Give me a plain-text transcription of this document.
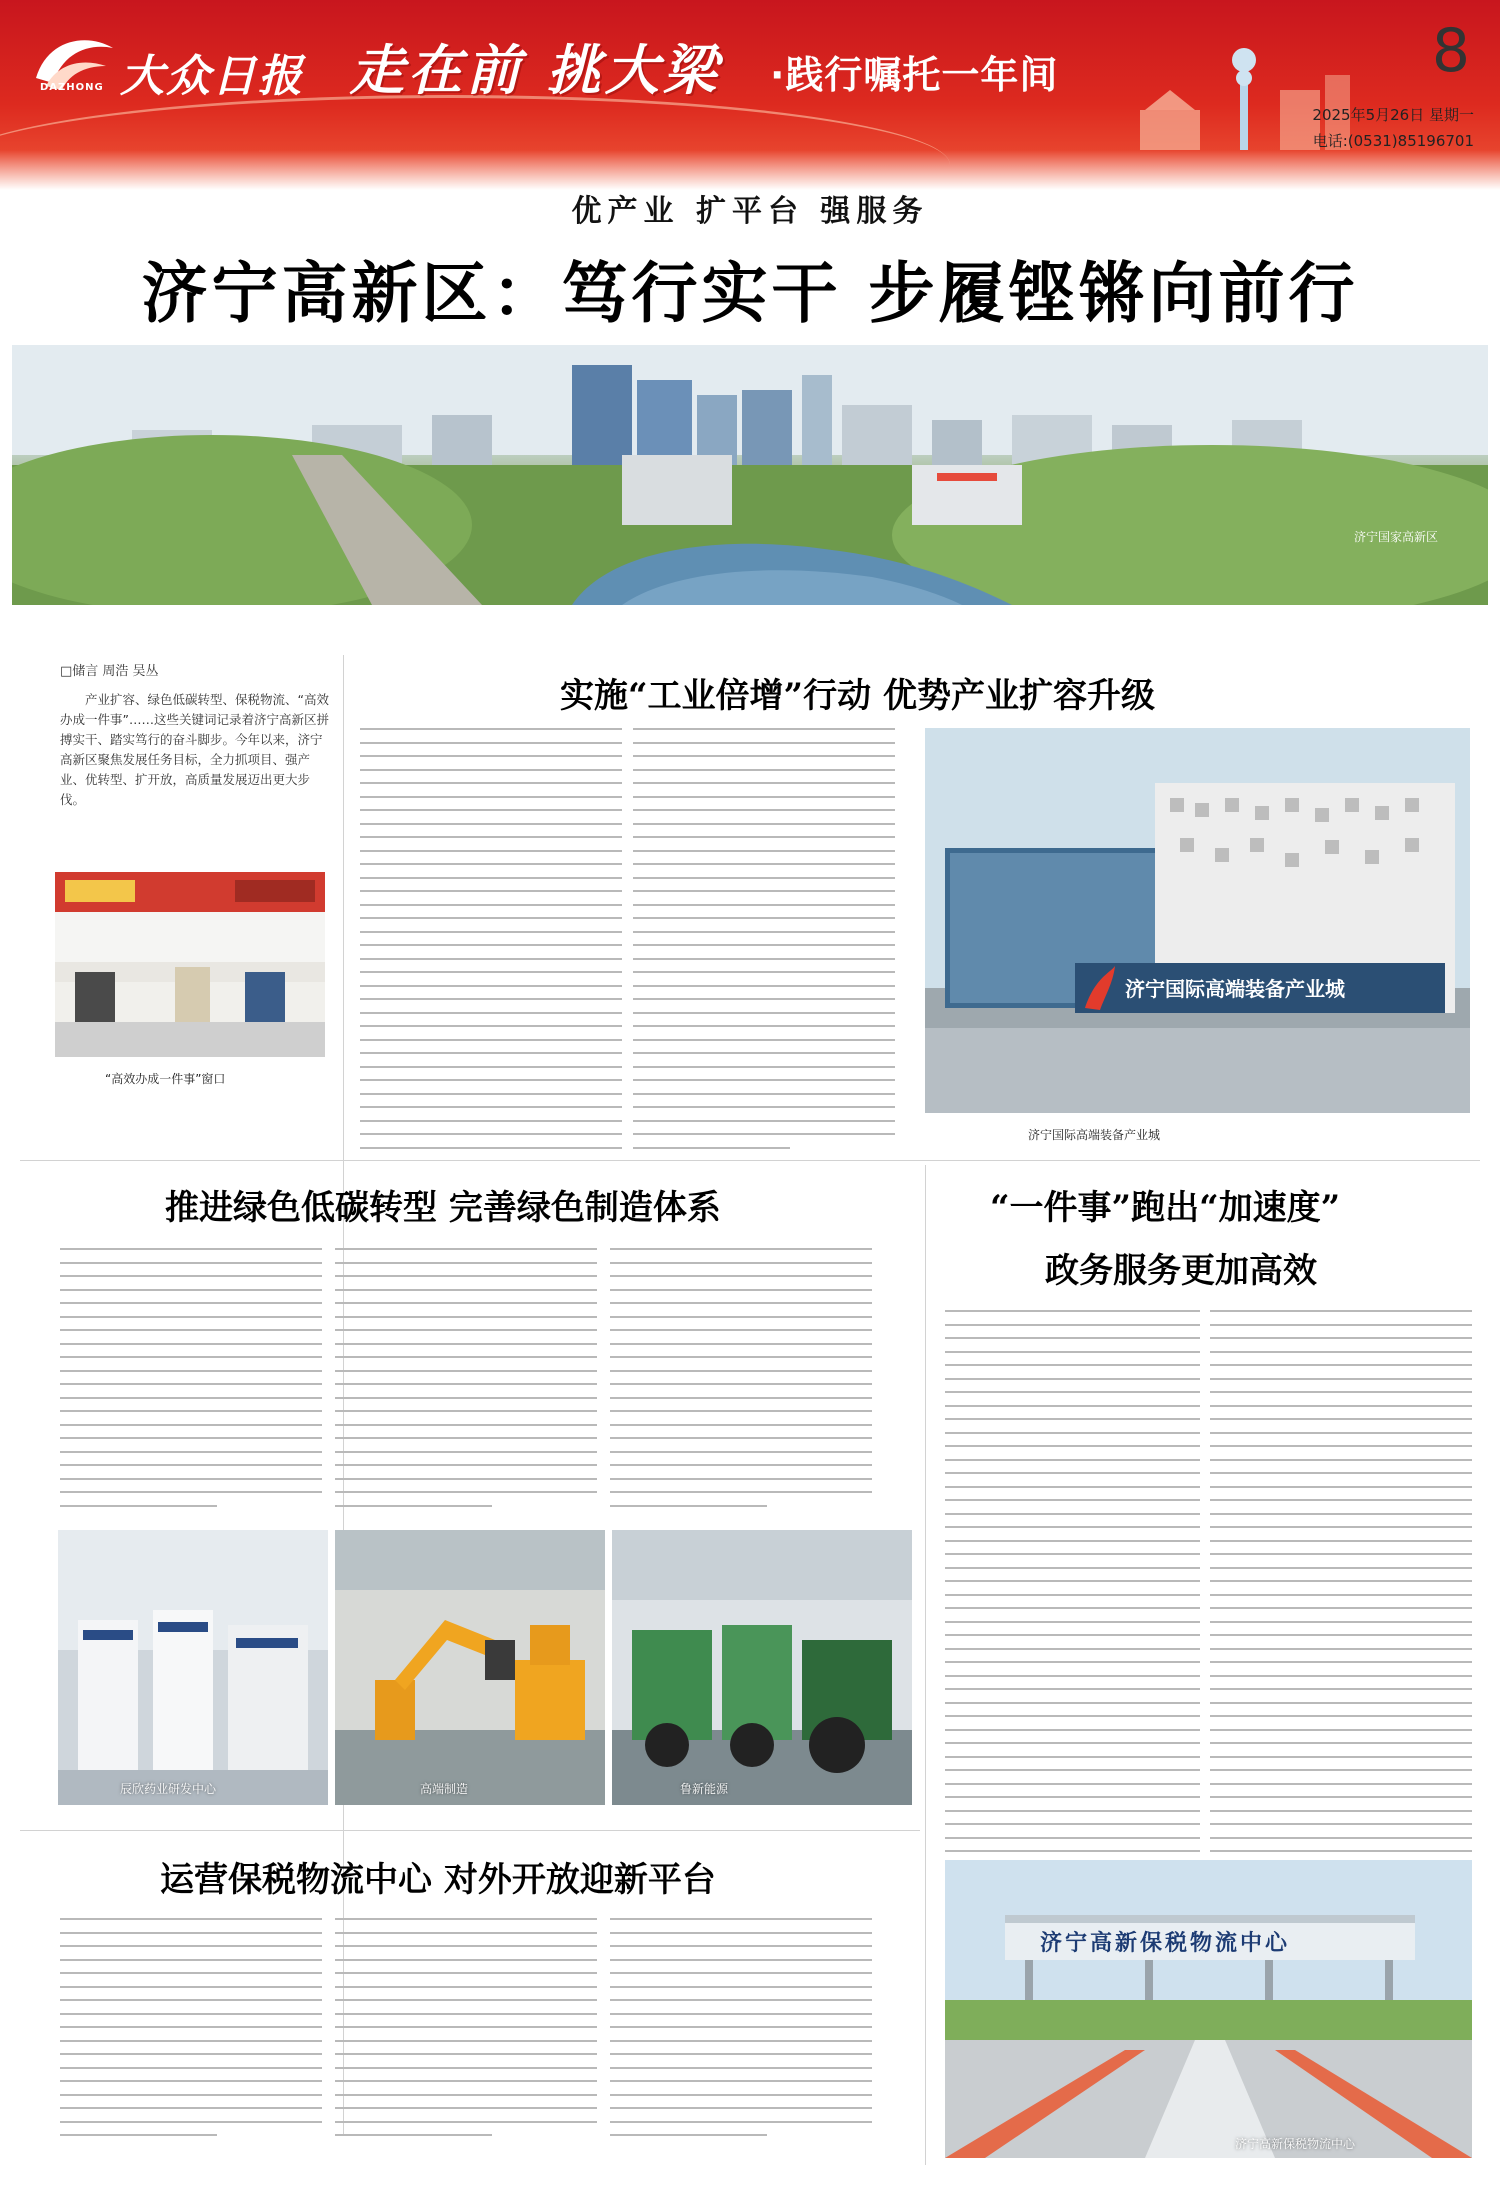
大众日报
DAZHONG	走在前 挑大梁 ·践行嘱托一年间	8
2025年5月26日 星期一
电话:(0531)85196701
优产业 扩平台 强服务
济宁高新区：笃行实干 步履铿锵向前行
济宁国家高新区
□储言 周浩 吴丛
产业扩容、绿色低碳转型、保税物流、“高效办成一件事”……这些关键词记录着济宁高新区拼搏实干、踏实笃行的奋斗脚步。今年以来，济宁高新区聚焦发展任务目标，全力抓项目、强产业、优转型、扩开放，高质量发展迈出更大步伐。
实施“工业倍增”行动 优势产业扩容升级
“高效办成一件事”窗口
济宁国际高端装备产业城
济宁国际高端装备产业城
推进绿色低碳转型 完善绿色制造体系
辰欣药业研发中心	高端制造	鲁新能源
“一件事”跑出“加速度”
政务服务更加高效
济宁高新保税物流中心
济宁高新保税物流中心
运营保税物流中心 对外开放迎新平台
